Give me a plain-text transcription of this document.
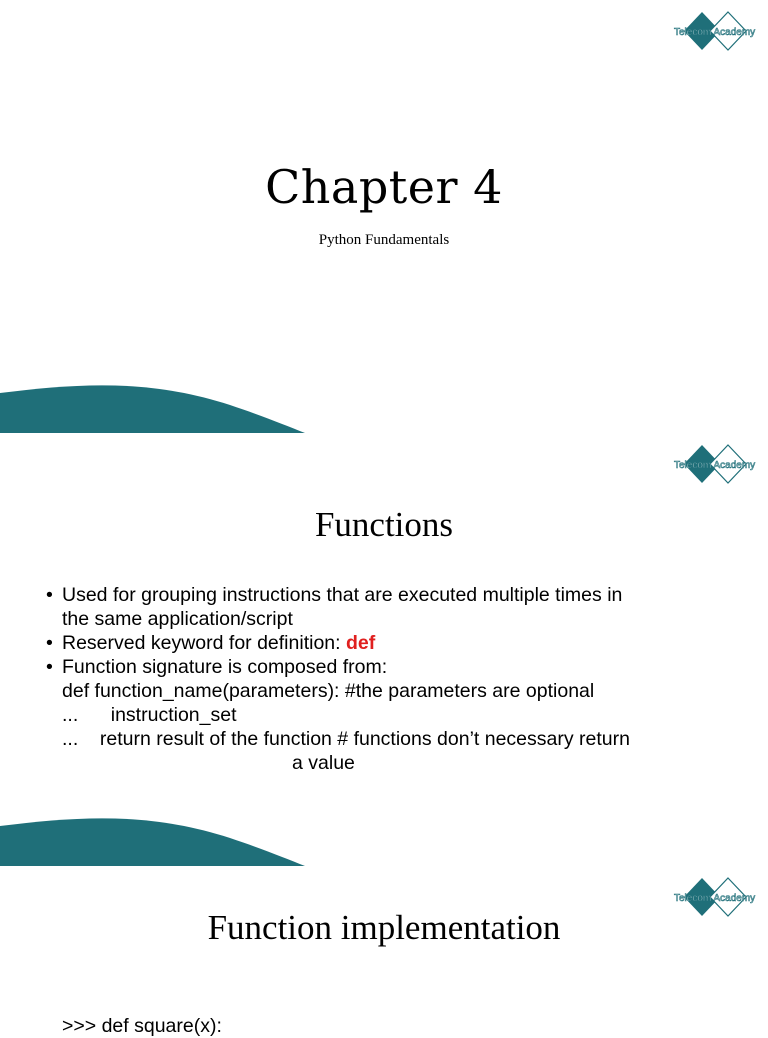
Telecom Academy
Chapter 4
Python Fundamentals
Telecom Academy
Functions
• Used for grouping instructions that are executed multiple times in
the same application/script
• Reserved keyword for definition: def
• Function signature is composed from:
def function_name(parameters): #the parameters are optional
...      instruction_set
...    return result of the function # functions don’t necessary return
a value
Telecom Academy
Function implementation
>>> def square(x):
